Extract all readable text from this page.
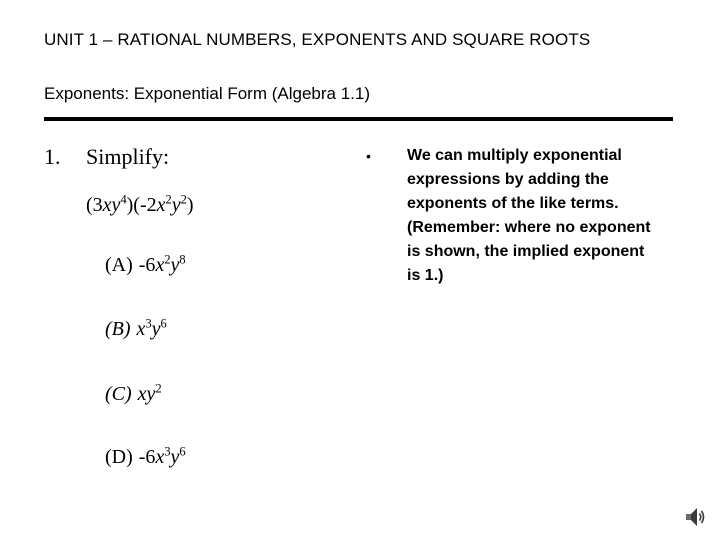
UNIT 1 – RATIONAL NUMBERS, EXPONENTS AND SQUARE ROOTS
Exponents: Exponential Form (Algebra 1.1)
1. Simplify:
$(3xy^4)(-2x^2y^2)$
(A) $-6x^2y^8$
(B) $x^3y^6$
(C) $xy^2$
(D) $-6x^3y^6$
• We can multiply exponential expressions by adding the exponents of the like terms. (Remember: where no exponent is shown, the implied exponent is 1.)
